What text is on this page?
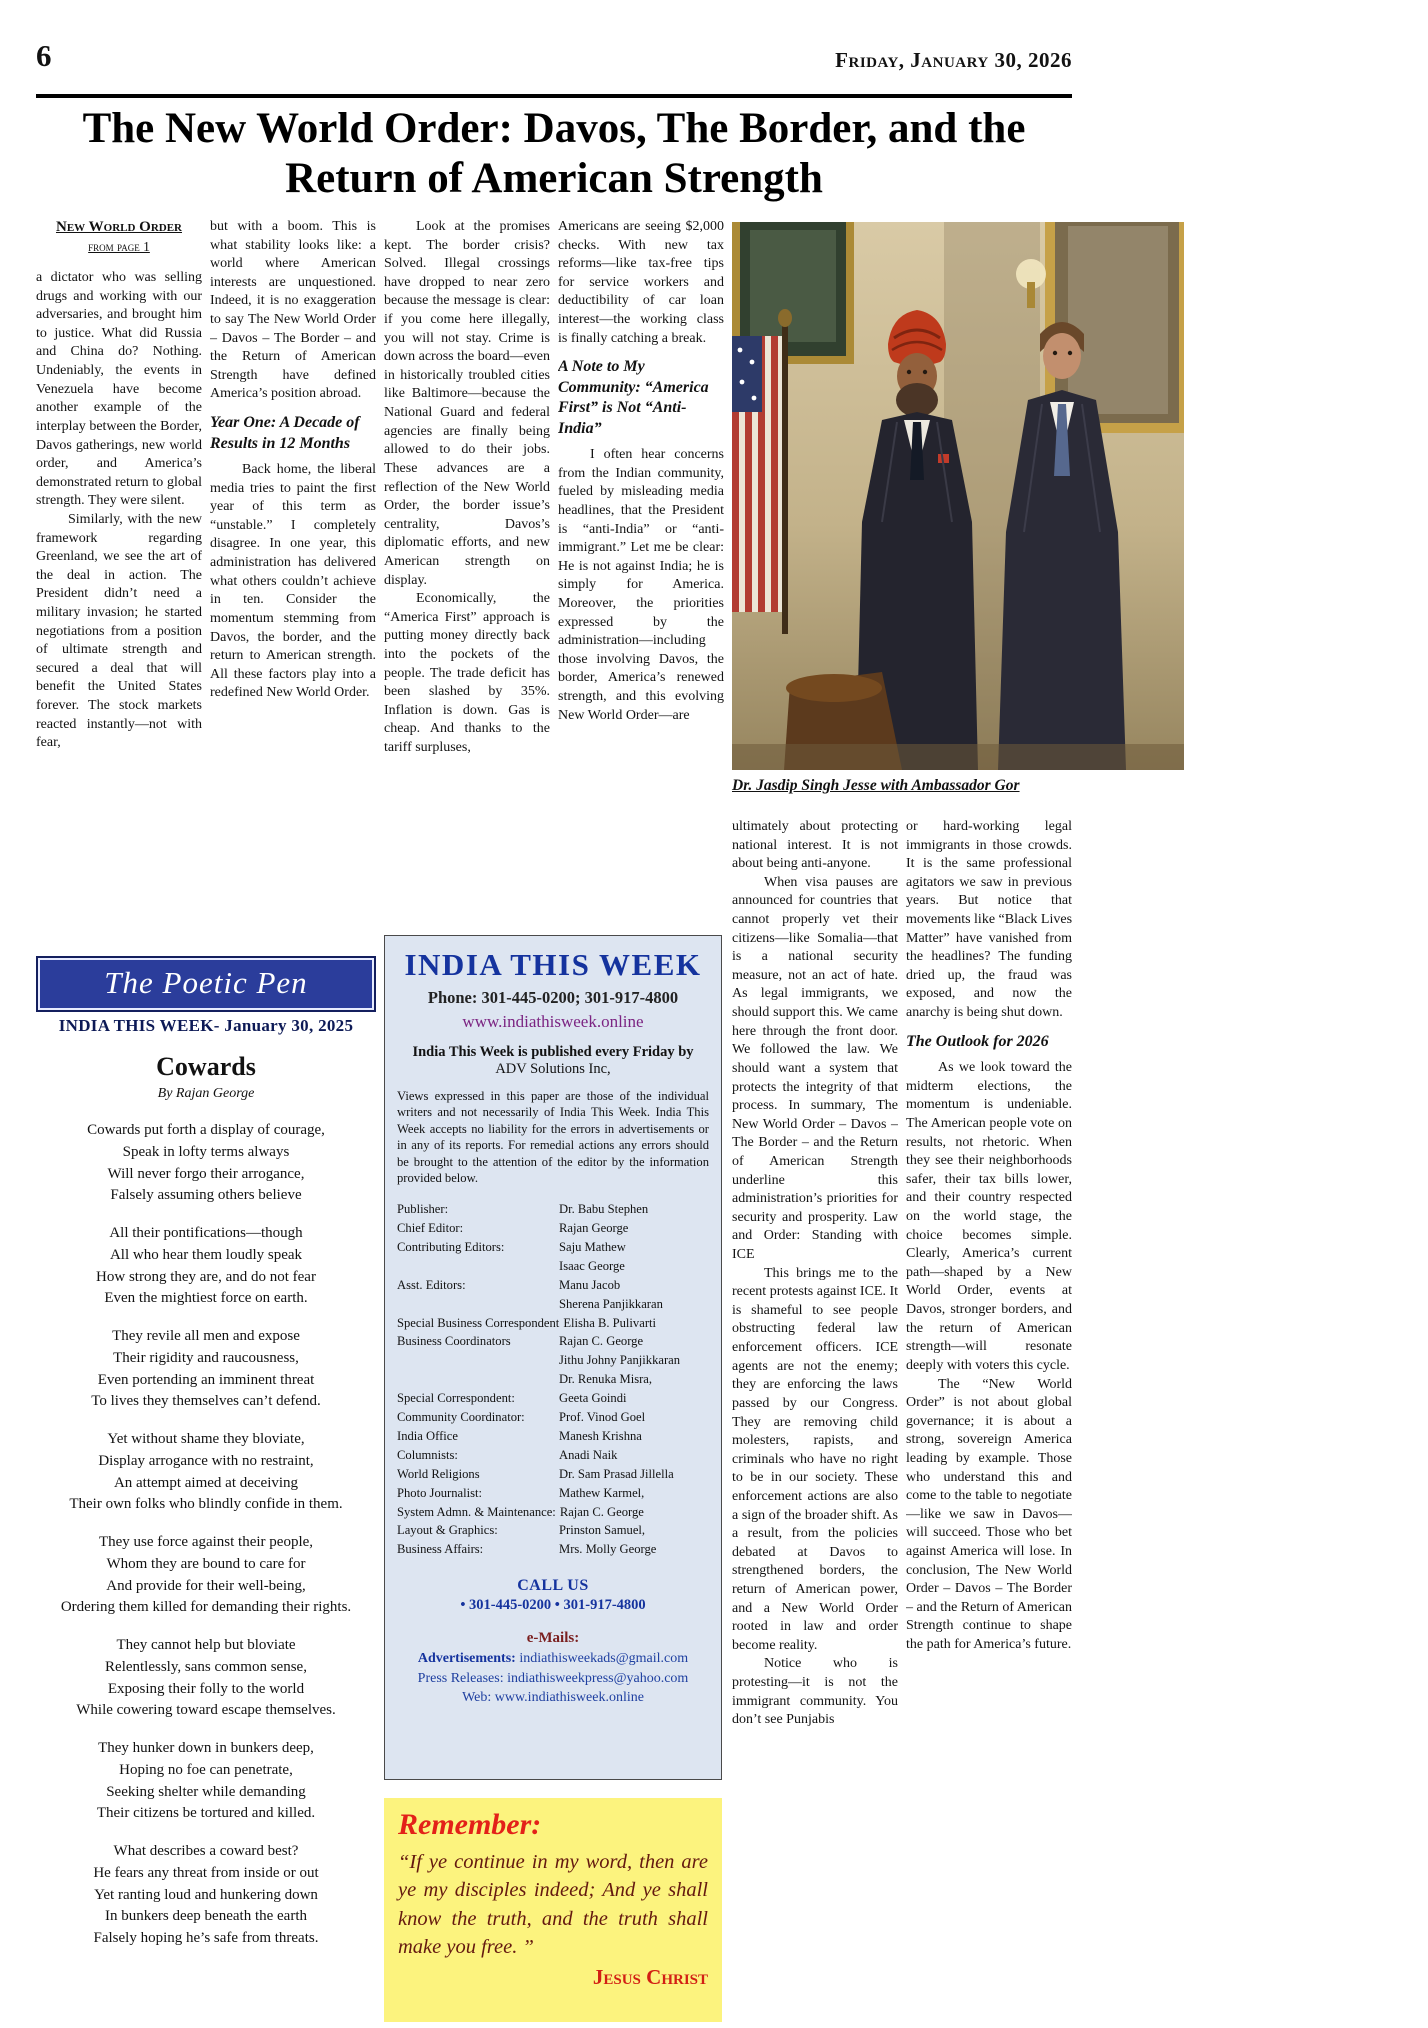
6	Friday, January 30, 2026
The New World Order: Davos, The Border, and the Return of American Strength
New World Order
from page 1

a dictator who was selling drugs and working with our adversaries, and brought him to justice. What did Russia and China do? Nothing. Undeniably, the events in Venezuela have become another example of the interplay between the Border, Davos gatherings, new world order, and America’s demonstrated return to global strength. They were silent.

Similarly, with the new framework regarding Greenland, we see the art of the deal in action. The President didn’t need a military invasion; he started negotiations from a position of ultimate strength and secured a deal that will benefit the United States forever. The stock markets reacted instantly—not with fear,

but with a boom. This is what stability looks like: a world where American interests are unquestioned. Indeed, it is no exaggeration to say The New World Order – Davos – The Border – and the Return of American Strength have defined America’s position abroad.

Year One: A Decade of Results in 12 Months

Back home, the liberal media tries to paint the first year of this term as “unstable.” I completely disagree. In one year, this administration has delivered what others couldn’t achieve in ten. Consider the momentum stemming from Davos, the border, and the return to American strength. All these factors play into a redefined New World Order.

Look at the promises kept. The border crisis? Solved. Illegal crossings have dropped to near zero because the message is clear: if you come here illegally, you will not stay. Crime is down across the board—even in historically troubled cities like Baltimore—because the National Guard and federal agencies are finally being allowed to do their jobs. These advances are a reflection of the New World Order, the border issue’s centrality, Davos’s diplomatic efforts, and new American strength on display.

Economically, the “America First” approach is putting money directly back into the pockets of the people. The trade deficit has been slashed by 35%. Inflation is down. Gas is cheap. And thanks to the tariff surpluses,

Americans are seeing $2,000 checks. With new tax reforms—like tax-free tips for service workers and deductibility of car loan interest—the working class is finally catching a break.

A Note to My Community: “America First” is Not “Anti-India”

I often hear concerns from the Indian community, fueled by misleading media headlines, that the President is “anti-India” or “anti-immigrant.” Let me be clear: He is not against India; he is simply for America. Moreover, the priorities expressed by the administration—including those involving Davos, the border, America’s renewed strength, and this evolving New World Order—are

Dr. Jasdip Singh Jesse with Ambassador Gor

ultimately about protecting national interest. It is not about being anti-anyone.

When visa pauses are announced for countries that cannot properly vet their citizens—like Somalia—that is a national security measure, not an act of hate. As legal immigrants, we should support this. We came here through the front door. We followed the law. We should want a system that protects the integrity of that process. In summary, The New World Order – Davos – The Border – and the Return of American Strength underline this administration’s priorities for security and prosperity. Law and Order: Standing with ICE

This brings me to the recent protests against ICE. It is shameful to see people obstructing federal law enforcement officers. ICE agents are not the enemy; they are enforcing the laws passed by our Congress. They are removing child molesters, rapists, and criminals who have no right to be in our society. These enforcement actions are also a sign of the broader shift. As a result, from the policies debated at Davos to strengthened borders, the return of American power, and a New World Order rooted in law and order become reality.

Notice who is protesting—it is not the immigrant community. You don’t see Punjabis

or hard-working legal immigrants in those crowds. It is the same professional agitators we saw in previous years. But notice that movements like “Black Lives Matter” have vanished from the headlines? The funding dried up, the fraud was exposed, and now the anarchy is being shut down.

The Outlook for 2026

As we look toward the midterm elections, the momentum is undeniable. The American people vote on results, not rhetoric. When they see their neighborhoods safer, their tax bills lower, and their country respected on the world stage, the choice becomes simple. Clearly, America’s current path—shaped by a New World Order, events at Davos, stronger borders, and the return of American strength—will resonate deeply with voters this cycle.

The “New World Order” is not about global governance; it is about a strong, sovereign America leading by example. Those who understand this and come to the table to negotiate—like we saw in Davos—will succeed. Those who bet against America will lose. In conclusion, The New World Order – Davos – The Border – and the Return of American Strength continue to shape the path for America’s future.

The Poetic Pen
INDIA THIS WEEK- January 30, 2025
Cowards
By Rajan George
Cowards put forth a display of courage,
Speak in lofty terms always
Will never forgo their arrogance,
Falsely assuming others believe
All their pontifications—though
All who hear them loudly speak
How strong they are, and do not fear
Even the mightiest force on earth.
They revile all men and expose
Their rigidity and raucousness,
Even portending an imminent threat
To lives they themselves can’t defend.
Yet without shame they bloviate,
Display arrogance with no restraint,
An attempt aimed at deceiving
Their own folks who blindly confide in them.
They use force against their people,
Whom they are bound to care for
And provide for their well-being,
Ordering them killed for demanding their rights.
They cannot help but bloviate
Relentlessly, sans common sense,
Exposing their folly to the world
While cowering toward escape themselves.
They hunker down in bunkers deep,
Hoping no foe can penetrate,
Seeking shelter while demanding
Their citizens be tortured and killed.
What describes a coward best?
He fears any threat from inside or out
Yet ranting loud and hunkering down
In bunkers deep beneath the earth
Falsely hoping he’s safe from threats.
INDIA THIS WEEK
Phone: 301-445-0200; 301-917-4800
www.indiathisweek.online
India This Week is published every Friday by
ADV Solutions Inc,
Views expressed in this paper are those of the individual writers and not necessarily of India This Week. India This Week accepts no liability for the errors in advertisements or in any of its reports. For remedial actions any errors should be brought to the attention of the editor by the information provided below.
Publisher:	Dr. Babu Stephen
Chief Editor:	Rajan George
Contributing Editors:	Saju Mathew
Isaac George
Asst. Editors:	Manu Jacob
Sherena Panjikkaran
Special Business Correspondent Elisha B. Pulivarti
Business Coordinators	Rajan C. George
Jithu Johny Panjikkaran
Dr. Renuka Misra,
Special Correspondent:	Geeta Goindi
Community Coordinator:	Prof. Vinod Goel
India Office	Manesh Krishna
Columnists:	Anadi Naik
World Religions	Dr. Sam Prasad Jillella
Photo Journalist:	Mathew Karmel,
System Admn. & Maintenance: Rajan C. George
Layout & Graphics:	Prinston Samuel,
Business Affairs:	Mrs. Molly George
CALL US
• 301-445-0200 • 301-917-4800
e-Mails:
Advertisements: indiathisweekads@gmail.com
Press Releases: indiathisweekpress@yahoo.com
Web: www.indiathisweek.online
Remember:
“If ye continue in my word, then are ye my disciples indeed; And ye shall know the truth, and the truth shall make you free. ”
Jesus Christ
